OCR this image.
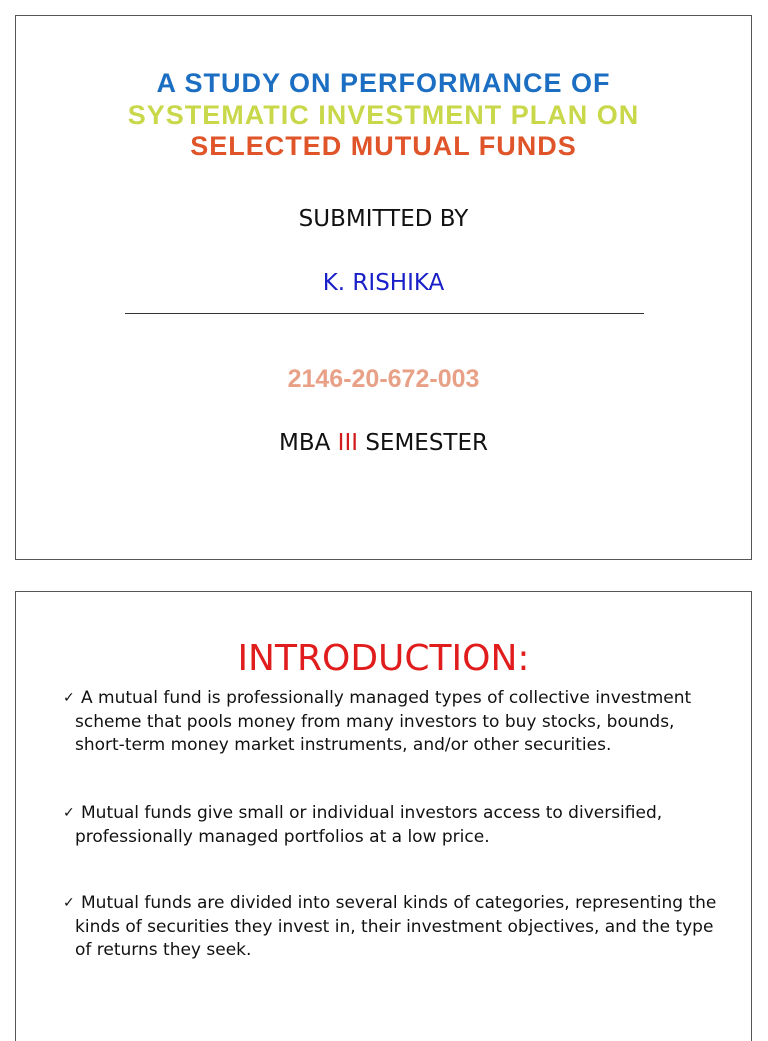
A STUDY ON PERFORMANCE OF
SYSTEMATIC INVESTMENT PLAN ON
SELECTED MUTUAL FUNDS
SUBMITTED BY
K. RISHIKA
2146-20-672-003
MBA III SEMESTER
INTRODUCTION:
✓ A mutual fund is professionally managed types of collective investment scheme that pools money from many investors to buy stocks, bounds, short-term money market instruments, and/or other securities.
✓ Mutual funds give small or individual investors access to diversified, professionally managed portfolios at a low price.
✓ Mutual funds are divided into several kinds of categories, representing the kinds of securities they invest in, their investment objectives, and the type of returns they seek.
